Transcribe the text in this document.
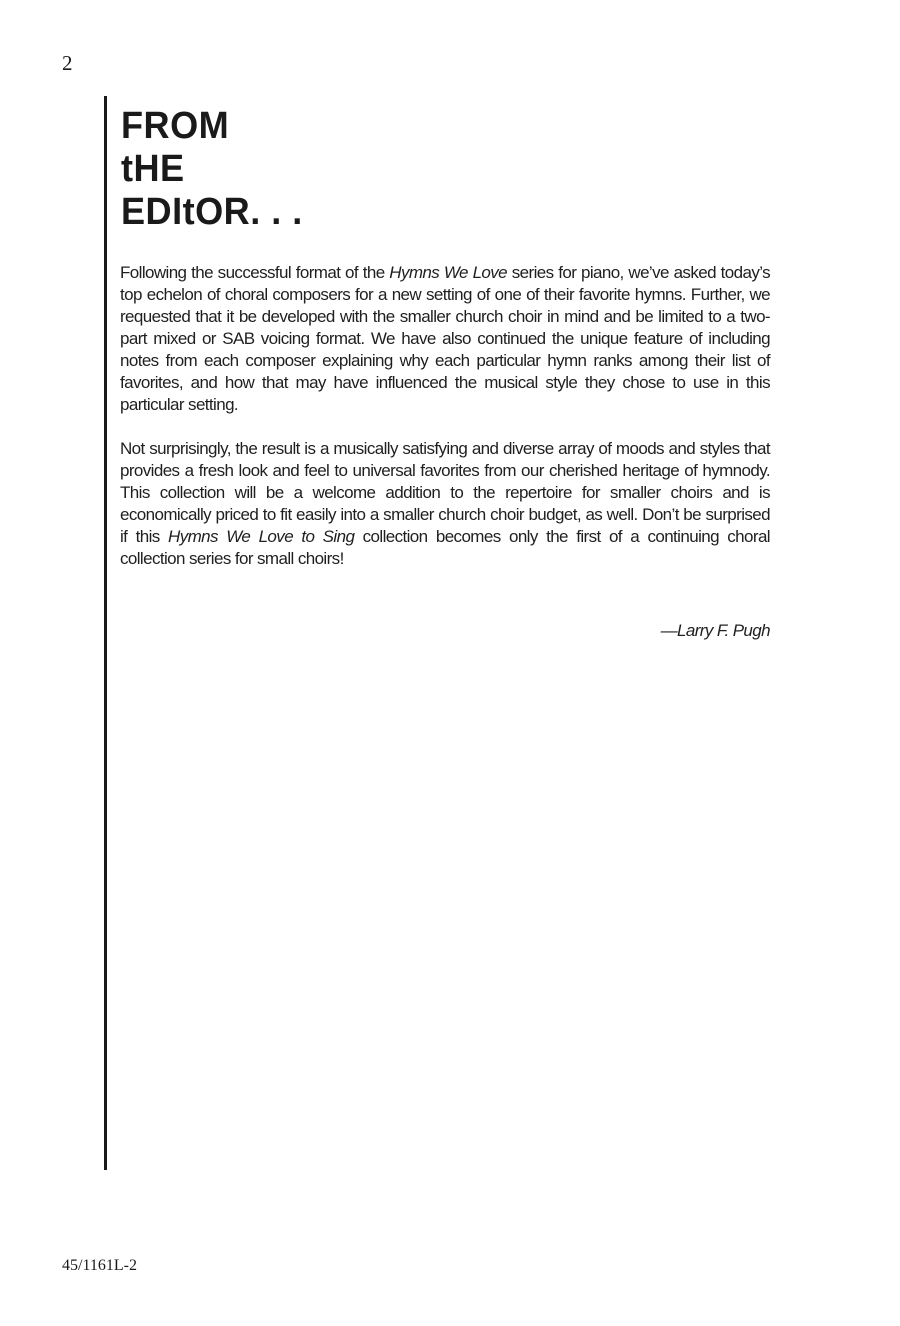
2
FROM
tHE
EDItOR. . .

Following the successful format of the Hymns We Love series for piano, we’ve asked today’s top echelon of choral composers for a new setting of one of their favorite hymns. Further, we requested that it be developed with the smaller church choir in mind and be limited to a two-part mixed or SAB voicing format. We have also continued the unique feature of including notes from each composer explaining why each particular hymn ranks among their list of favorites, and how that may have influenced the musical style they chose to use in this particular setting.

Not surprisingly, the result is a musically satisfying and diverse array of moods and styles that provides a fresh look and feel to universal favorites from our cherished heritage of hymnody. This collection will be a welcome addition to the repertoire for smaller choirs and is economically priced to fit easily into a smaller church choir budget, as well. Don’t be surprised if this Hymns We Love to Sing collection becomes only the first of a continuing choral collection series for small choirs!

—Larry F. Pugh
45/1161L-2
